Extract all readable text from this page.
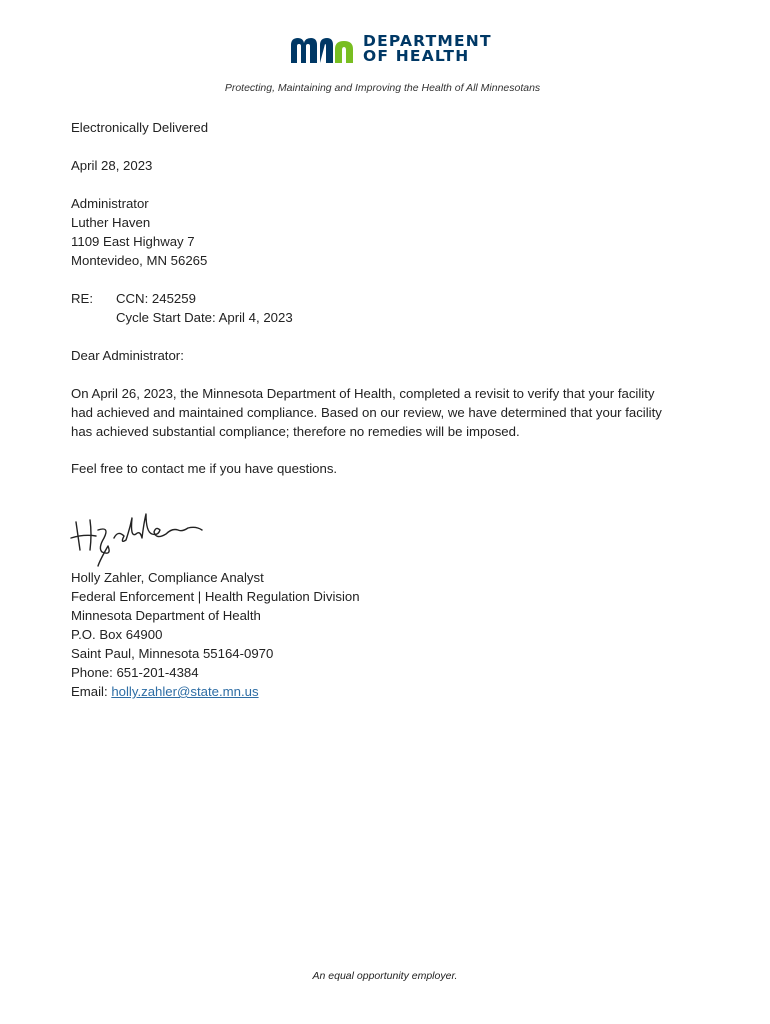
DEPARTMENT
OF HEALTH
Protecting, Maintaining and Improving the Health of All Minnesotans

Electronically Delivered

April 28, 2023

Administrator

Luther Haven

1109 East Highway 7

Montevideo, MN 56265

RE: CCN: 245259

Cycle Start Date: April 4, 2023

Dear Administrator:

On April 26, 2023, the Minnesota Department of Health, completed a revisit to verify that your facility

had achieved and maintained compliance. Based on our review, we have determined that your facility

has achieved substantial compliance; therefore no remedies will be imposed.

Feel free to contact me if you have questions.

Holly Zahler, Compliance Analyst

Federal Enforcement | Health Regulation Division

Minnesota Department of Health

P.O. Box 64900

Saint Paul, Minnesota 55164-0970

Phone: 651-201-4384

Email: holly.zahler@state.mn.us

An equal opportunity employer.
